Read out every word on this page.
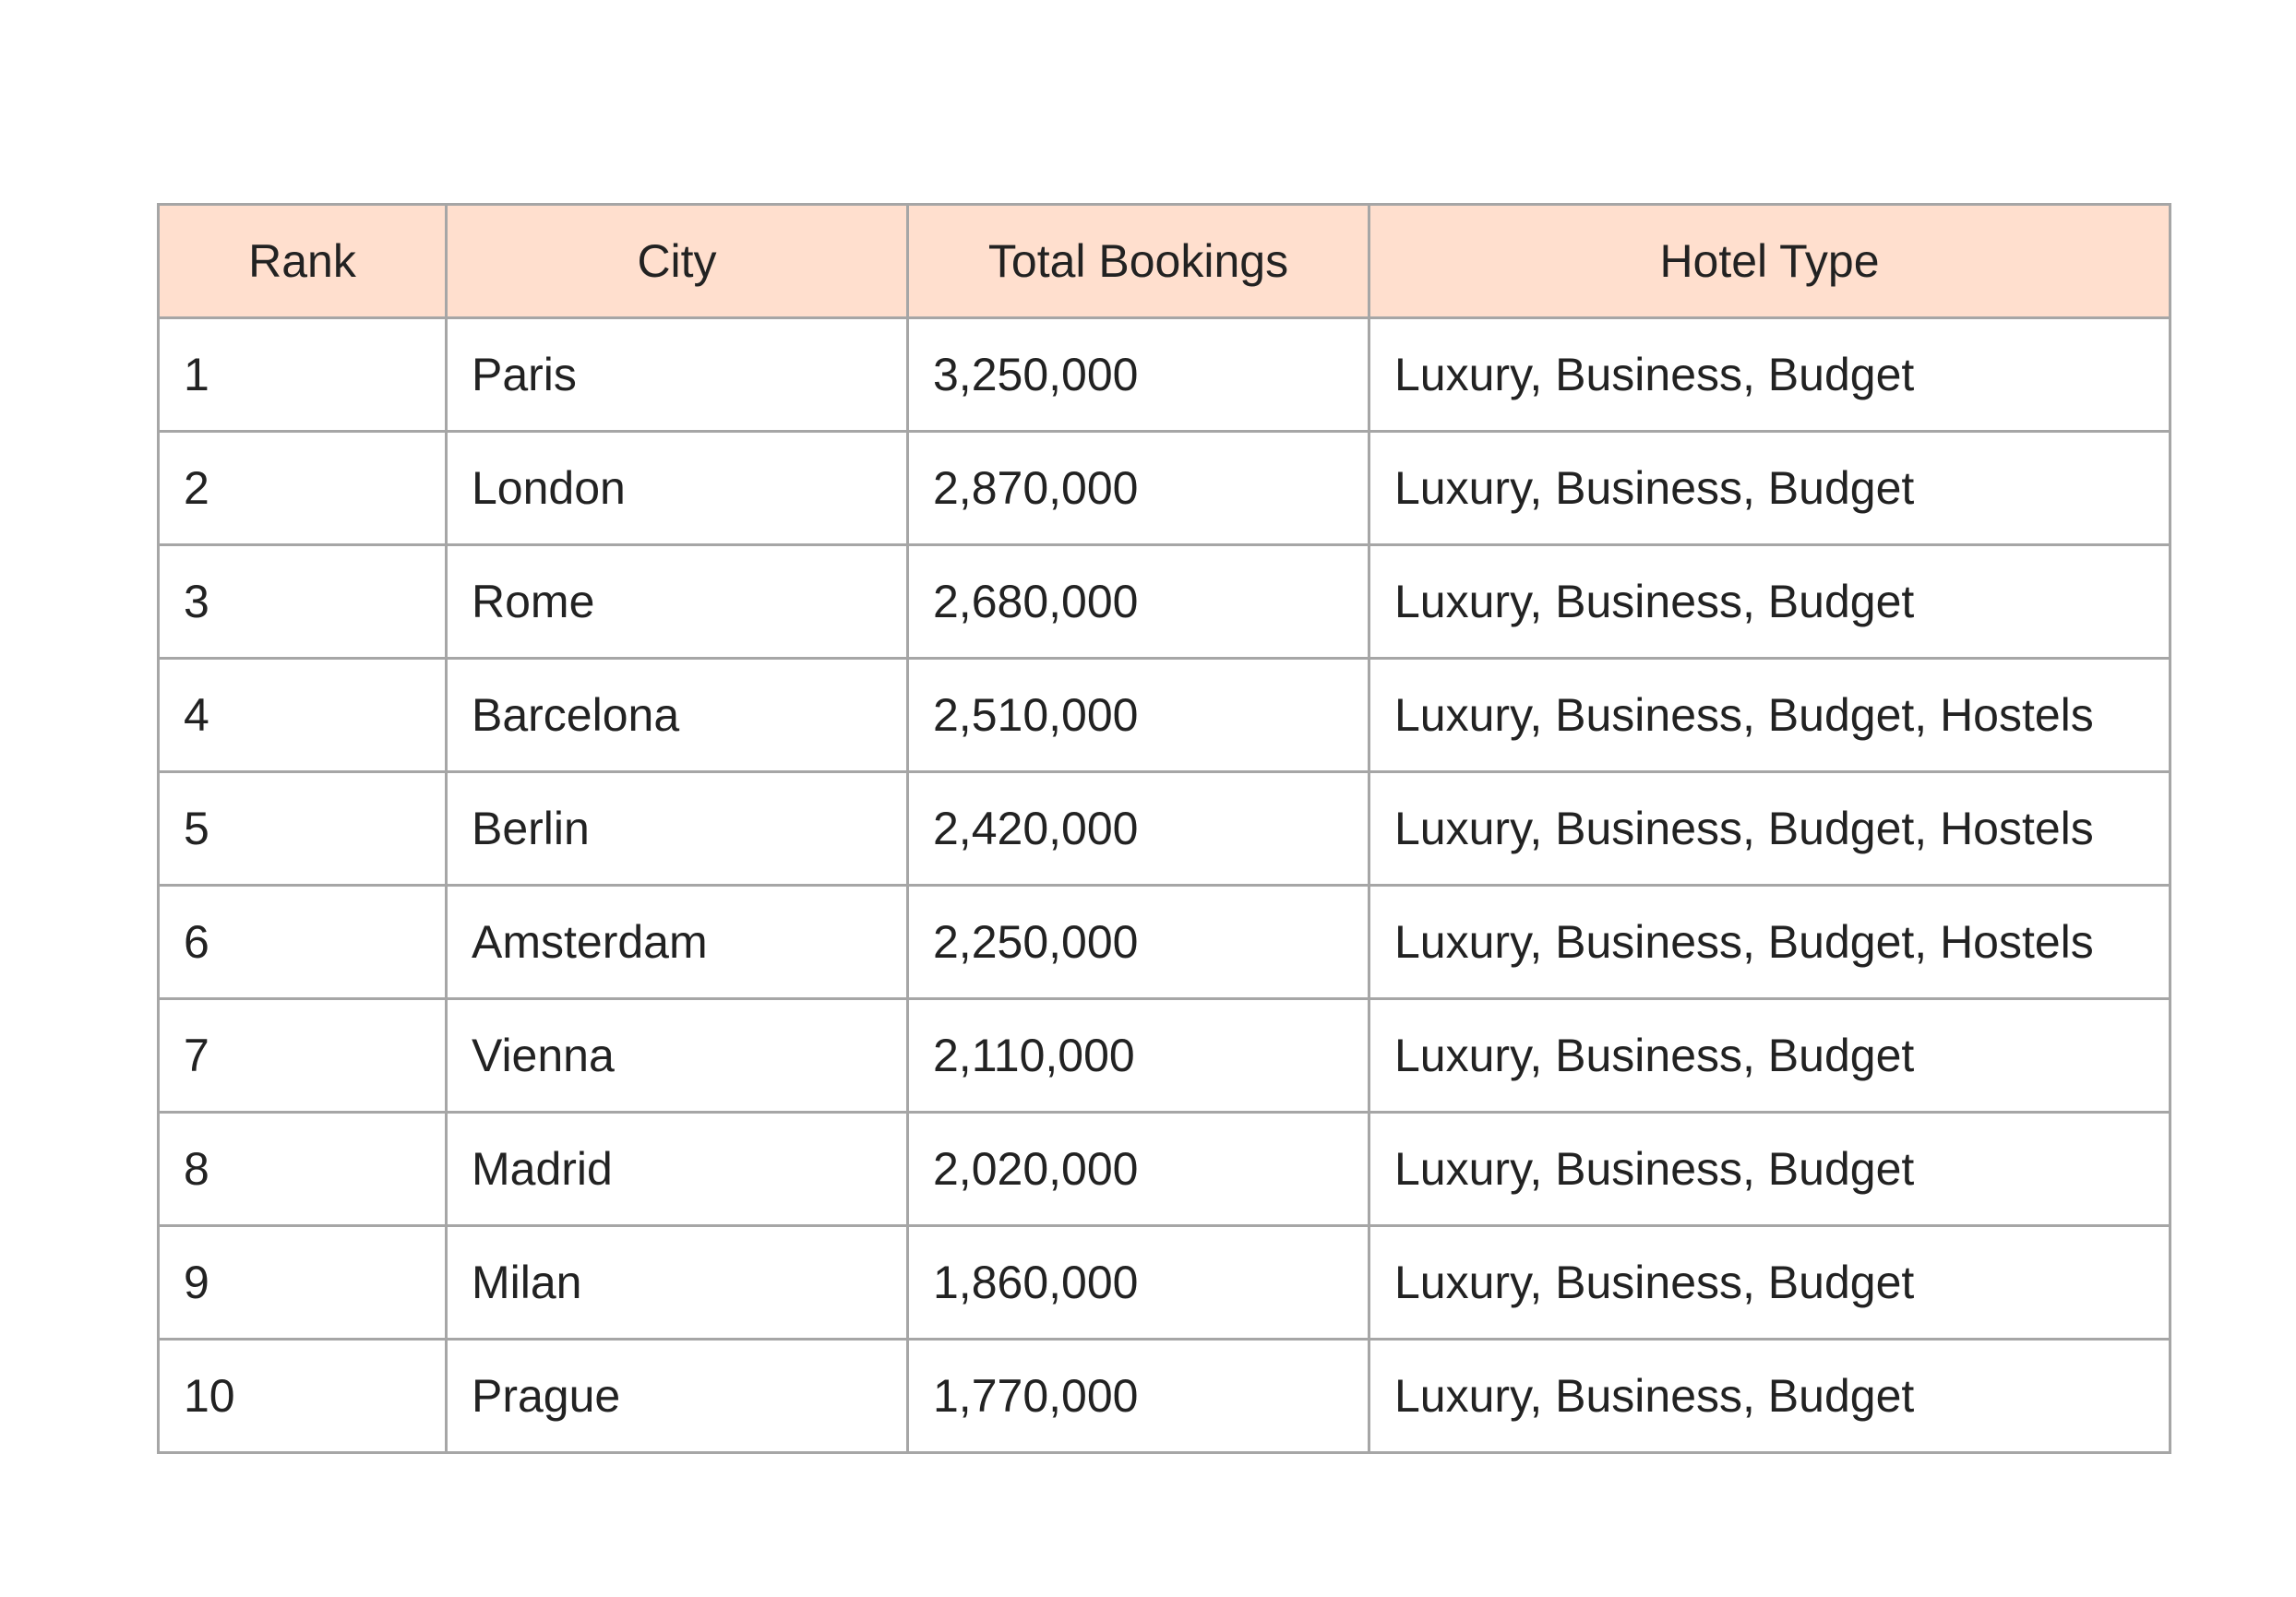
Rank	City	Total Bookings	Hotel Type
1	Paris	3,250,000	Luxury, Business, Budget
2	London	2,870,000	Luxury, Business, Budget
3	Rome	2,680,000	Luxury, Business, Budget
4	Barcelona	2,510,000	Luxury, Business, Budget, Hostels
5	Berlin	2,420,000	Luxury, Business, Budget, Hostels
6	Amsterdam	2,250,000	Luxury, Business, Budget, Hostels
7	Vienna	2,110,000	Luxury, Business, Budget
8	Madrid	2,020,000	Luxury, Business, Budget
9	Milan	1,860,000	Luxury, Business, Budget
10	Prague	1,770,000	Luxury, Business, Budget
